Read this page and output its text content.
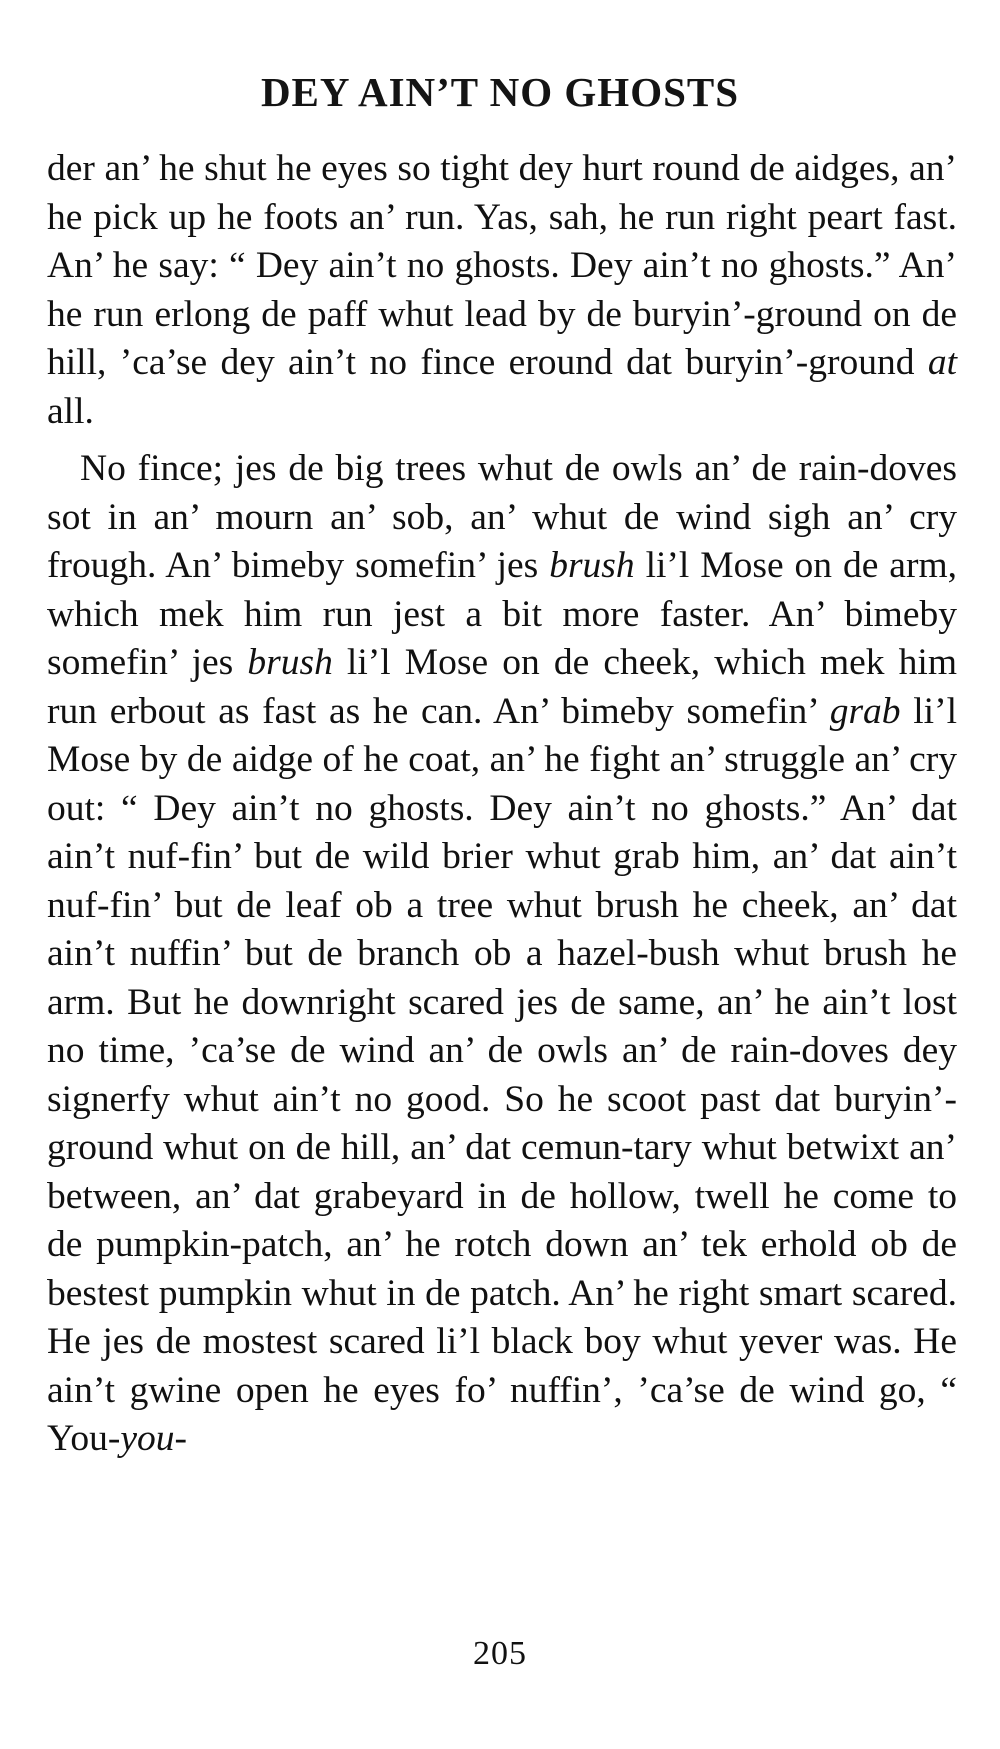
DEY AIN’T NO GHOSTS

der an’ he shut he eyes so tight dey hurt round de aidges, an’ he pick up he foots an’ run. Yas, sah, he run right peart fast. An’ he say: “ Dey ain’t no ghosts. Dey ain’t no ghosts.” An’ he run erlong de paff whut lead by de buryin’-ground on de hill, ’ca’se dey ain’t no fince eround dat buryin’-ground at all.

No fince; jes de big trees whut de owls an’ de rain-doves sot in an’ mourn an’ sob, an’ whut de wind sigh an’ cry frough. An’ bimeby somefin’ jes brush li’l Mose on de arm, which mek him run jest a bit more faster. An’ bimeby somefin’ jes brush li’l Mose on de cheek, which mek him run erbout as fast as he can. An’ bimeby somefin’ grab li’l Mose by de aidge of he coat, an’ he fight an’ struggle an’ cry out: “ Dey ain’t no ghosts. Dey ain’t no ghosts.” An’ dat ain’t nuf-fin’ but de wild brier whut grab him, an’ dat ain’t nuf-fin’ but de leaf ob a tree whut brush he cheek, an’ dat ain’t nuffin’ but de branch ob a hazel-bush whut brush he arm. But he downright scared jes de same, an’ he ain’t lost no time, ’ca’se de wind an’ de owls an’ de rain-doves dey signerfy whut ain’t no good. So he scoot past dat buryin’-ground whut on de hill, an’ dat cemun-tary whut betwixt an’ between, an’ dat grabeyard in de hollow, twell he come to de pumpkin-patch, an’ he rotch down an’ tek erhold ob de bestest pumpkin whut in de patch. An’ he right smart scared. He jes de mostest scared li’l black boy whut yever was. He ain’t gwine open he eyes fo’ nuffin’, ’ca’se de wind go, “ You-you-

205
